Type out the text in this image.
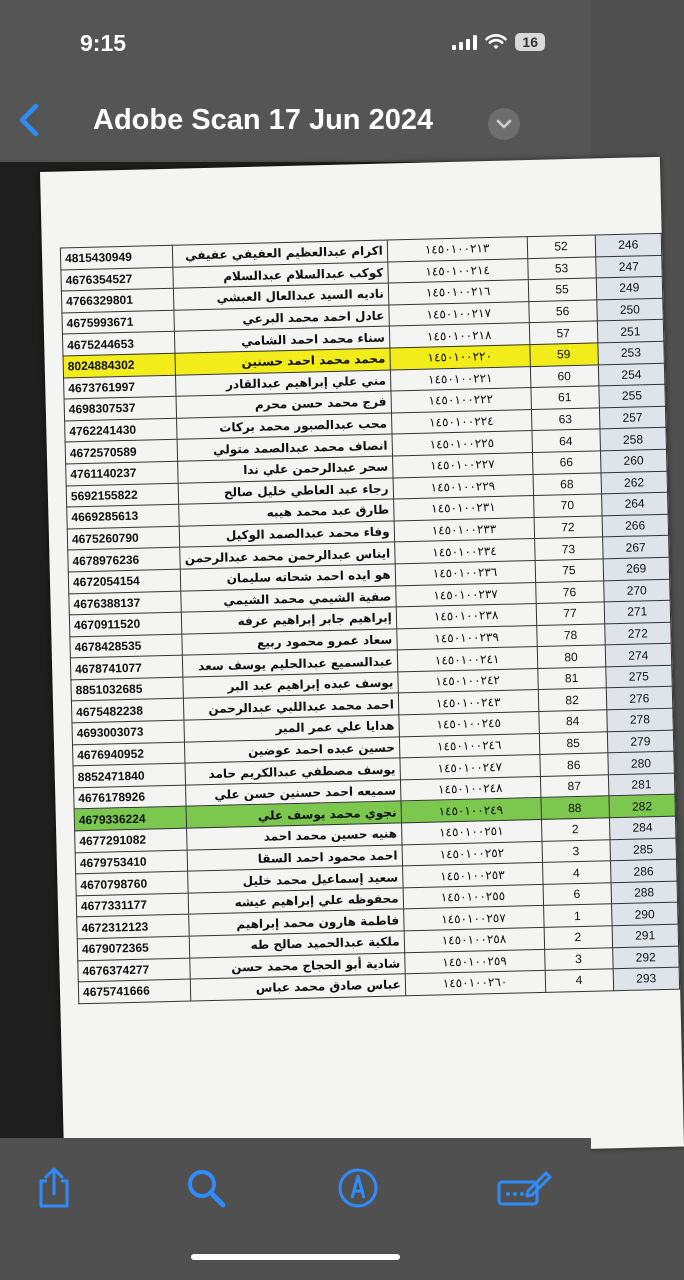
9:15	16
Adobe Scan 17 Jun 2024
4815430949	اكرام عبدالعظيم العفيفي عفيفي	١٤٥٠١٠٠٢١٣	52	246
4676354527	كوكب عبدالسلام عبدالسلام	١٤٥٠١٠٠٢١٤	53	247
4766329801	ناديه السيد عبدالعال العبشي	١٤٥٠١٠٠٢١٦	55	249
4675993671	عادل احمد محمد البرعي	١٤٥٠١٠٠٢١٧	56	250
4675244653	سناء محمد احمد الشامي	١٤٥٠١٠٠٢١٨	57	251
8024884302	محمد محمد احمد حسنين	١٤٥٠١٠٠٢٢٠	59	253
4673761997	مني علي إبراهيم عبدالقادر	١٤٥٠١٠٠٢٢١	60	254
4698307537	فرج محمد حسن محرم	١٤٥٠١٠٠٢٢٢	61	255
4762241430	محب عبدالصبور محمد بركات	١٤٥٠١٠٠٢٢٤	63	257
4672570589	انصاف محمد عبدالصمد متولي	١٤٥٠١٠٠٢٢٥	64	258
4761140237	سحر عبدالرحمن علي ندا	١٤٥٠١٠٠٢٢٧	66	260
5692155822	رجاء عبد العاطي خليل صالح	١٤٥٠١٠٠٢٢٩	68	262
4669285613	طارق عبد محمد هيبه	١٤٥٠١٠٠٢٣١	70	264
4675260790	وفاء محمد عبدالصمد الوكيل	١٤٥٠١٠٠٢٣٣	72	266
4678976236	ايناس عبدالرحمن محمد عبدالرحمن	١٤٥٠١٠٠٢٣٤	73	267
4672054154	هو ايده احمد شحاته سليمان	١٤٥٠١٠٠٢٣٦	75	269
4676388137	صفية الشيمي محمد الشيمي	١٤٥٠١٠٠٢٣٧	76	270
4670911520	إبراهيم جابر إبراهيم عرفه	١٤٥٠١٠٠٢٣٨	77	271
4678428535	سعاد عمرو محمود ربيع	١٤٥٠١٠٠٢٣٩	78	272
4678741077	عبدالسميع عبدالحليم يوسف سعد	١٤٥٠١٠٠٢٤١	80	274
8851032685	يوسف عبده إبراهيم عبد البر	١٤٥٠١٠٠٢٤٢	81	275
4675482238	احمد محمد عبداللبي عبدالرحمن	١٤٥٠١٠٠٢٤٣	82	276
4693003073	هدايا علي عمر المير	١٤٥٠١٠٠٢٤٥	84	278
4676940952	حسين عبده احمد عوضين	١٤٥٠١٠٠٢٤٦	85	279
8852471840	يوسف مصطفي عبدالكريم حامد	١٤٥٠١٠٠٢٤٧	86	280
4676178926	سميعه احمد حسنين حسن علي	١٤٥٠١٠٠٢٤٨	87	281
4679336224	نجوي محمد يوسف علي	١٤٥٠١٠٠٢٤٩	88	282
4677291082	هنيه حسين محمد احمد	١٤٥٠١٠٠٢٥١	2	284
4679753410	احمد محمود احمد السقا	١٤٥٠١٠٠٢٥٢	3	285
4670798760	سعيد إسماعيل محمد خليل	١٤٥٠١٠٠٢٥٣	4	286
4677331177	محفوظه علي إبراهيم عيشه	١٤٥٠١٠٠٢٥٥	6	288
4672312123	فاطمة هارون محمد إبراهيم	١٤٥٠١٠٠٢٥٧	1	290
4679072365	ملكية عبدالحميد صالح طه	١٤٥٠١٠٠٢٥٨	2	291
4676374277	شادية أبو الحجاج محمد حسن	١٤٥٠١٠٠٢٥٩	3	292
4675741666	عباس صادق محمد عباس	١٤٥٠١٠٠٢٦٠	4	293
